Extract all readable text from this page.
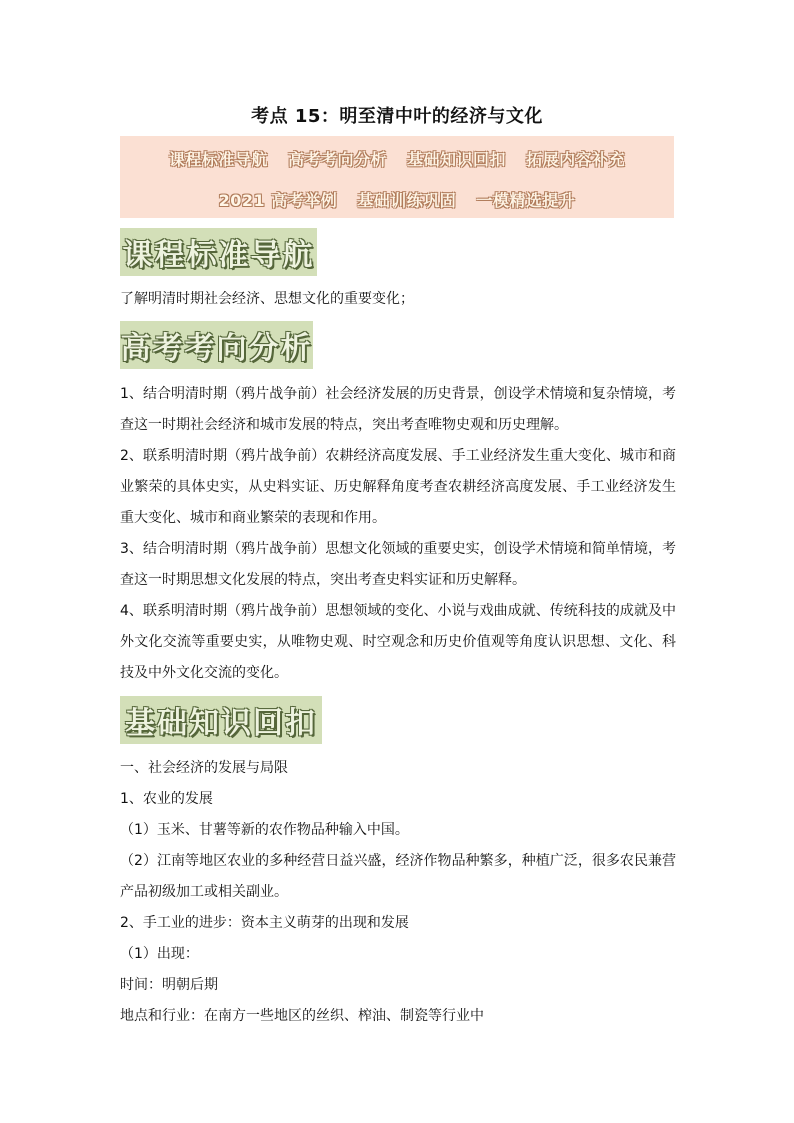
考点 15：明至清中叶的经济与文化
课程标准导航 高考考向分析 基础知识回扣 拓展内容补充
2021 高考举例 基础训练巩固 一模精选提升
课程标准导航
了解明清时期社会经济、思想文化的重要变化；
高考考向分析
1、结合明清时期（鸦片战争前）社会经济发展的历史背景，创设学术情境和复杂情境，考查这一时期社会经济和城市发展的特点，突出考查唯物史观和历史理解。
2、联系明清时期（鸦片战争前）农耕经济高度发展、手工业经济发生重大变化、城市和商业繁荣的具体史实，从史料实证、历史解释角度考查农耕经济高度发展、手工业经济发生重大变化、城市和商业繁荣的表现和作用。
3、结合明清时期（鸦片战争前）思想文化领域的重要史实，创设学术情境和简单情境，考查这一时期思想文化发展的特点，突出考查史料实证和历史解释。
4、联系明清时期（鸦片战争前）思想领域的变化、小说与戏曲成就、传统科技的成就及中外文化交流等重要史实，从唯物史观、时空观念和历史价值观等角度认识思想、文化、科技及中外文化交流的变化。
基础知识回扣
一、社会经济的发展与局限
1、农业的发展
（1）玉米、甘薯等新的农作物品种输入中国。
（2）江南等地区农业的多种经营日益兴盛，经济作物品种繁多，种植广泛，很多农民兼营产品初级加工或相关副业。
2、手工业的进步：资本主义萌芽的出现和发展
（1）出现：
时间：明朝后期
地点和行业：在南方一些地区的丝织、榨油、制瓷等行业中
